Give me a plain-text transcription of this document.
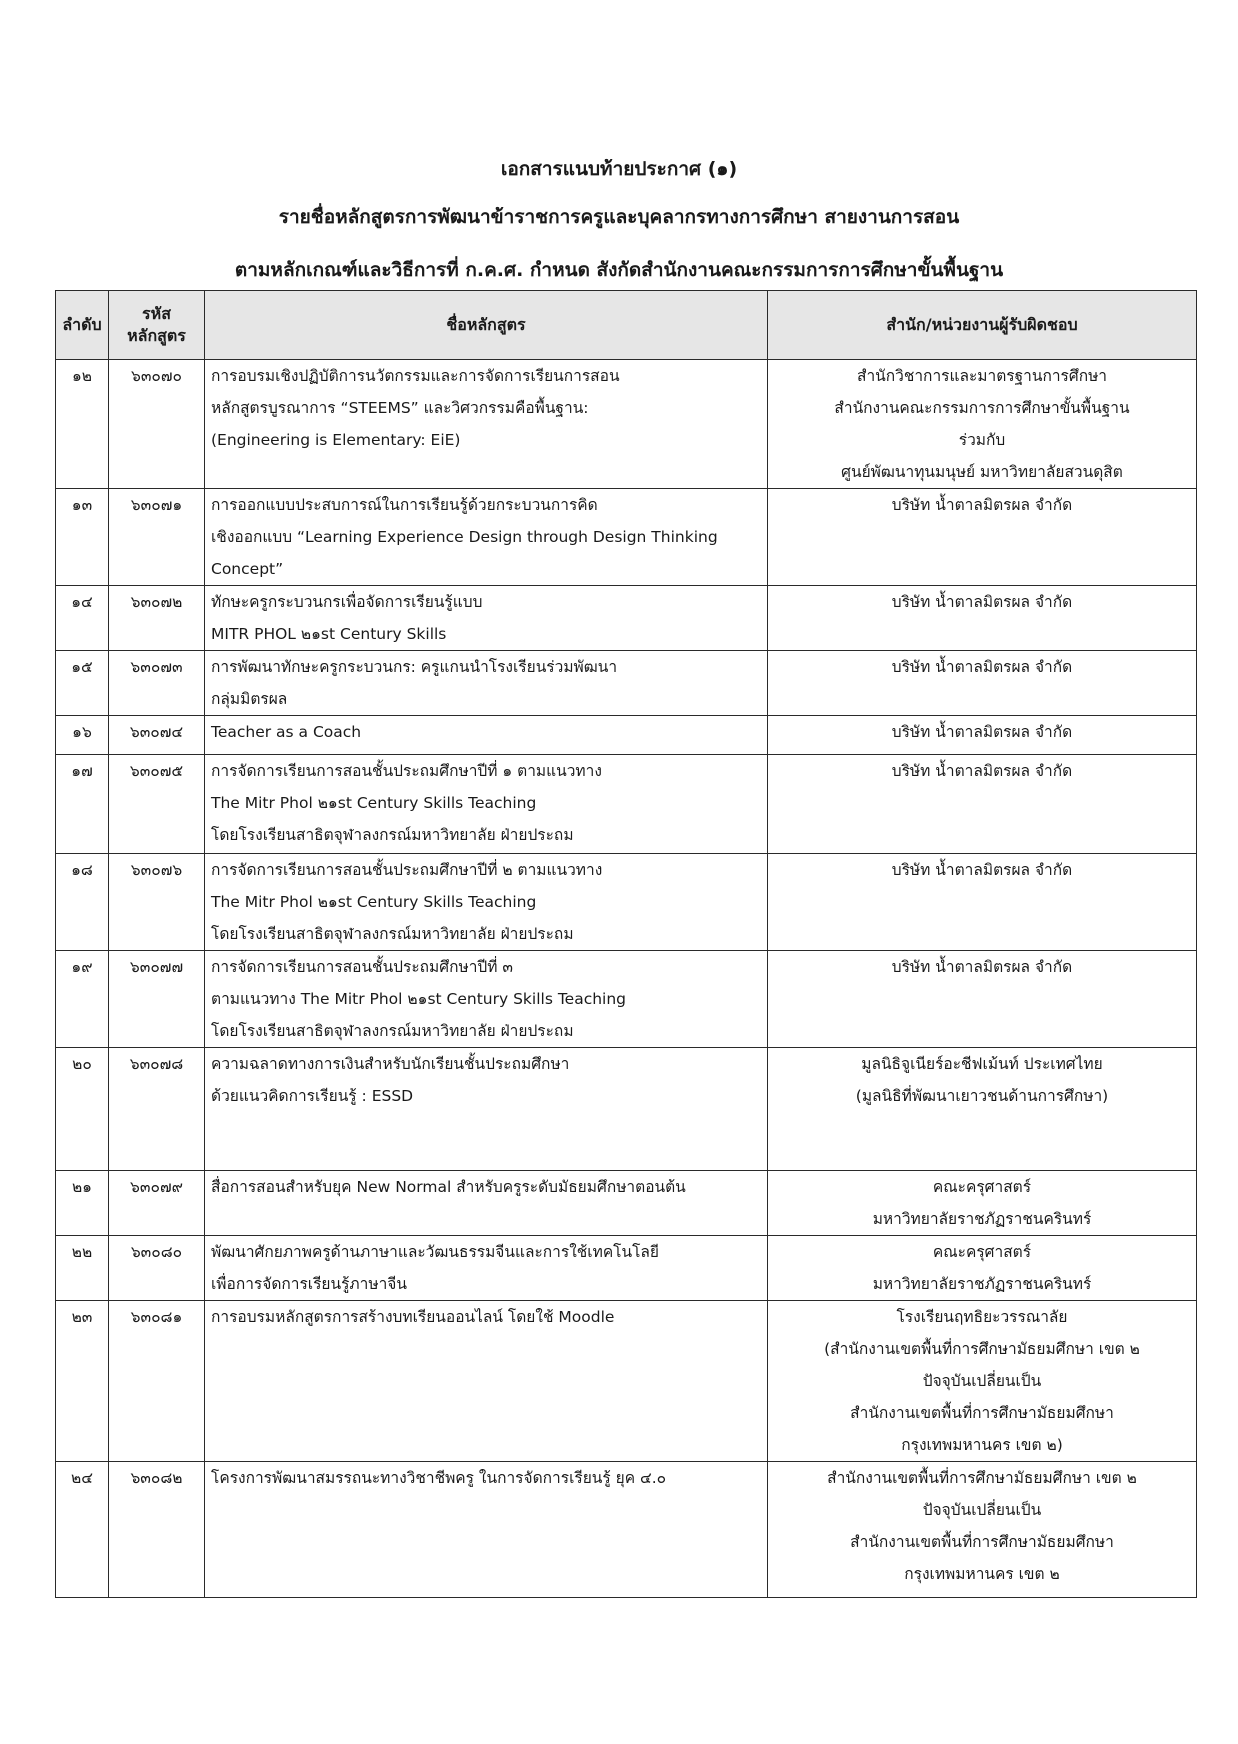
เอกสารแนบท้ายประกาศ (๑)
รายชื่อหลักสูตรการพัฒนาข้าราชการครูและบุคลากรทางการศึกษา สายงานการสอน
ตามหลักเกณฑ์และวิธีการที่ ก.ค.ศ. กำหนด สังกัดสำนักงานคณะกรรมการการศึกษาขั้นพื้นฐาน
ลำดับ	รหัสหลักสูตร	ชื่อหลักสูตร	สำนัก/หน่วยงานผู้รับผิดชอบ
๑๒	๖๓๐๗๐	การอบรมเชิงปฏิบัติการนวัตกรรมและการจัดการเรียนการสอน
หลักสูตรบูรณาการ “STEEMS” และวิศวกรรมคือพื้นฐาน:
(Engineering is Elementary: EiE)	สำนักวิชาการและมาตรฐานการศึกษา
สำนักงานคณะกรรมการการศึกษาขั้นพื้นฐาน
ร่วมกับ
ศูนย์พัฒนาทุนมนุษย์ มหาวิทยาลัยสวนดุสิต

๑๓	๖๓๐๗๑	การออกแบบประสบการณ์ในการเรียนรู้ด้วยกระบวนการคิด
เชิงออกแบบ “Learning Experience Design through Design Thinking
Concept”	บริษัท น้ำตาลมิตรผล จำกัด

๑๔	๖๓๐๗๒	ทักษะครูกระบวนกรเพื่อจัดการเรียนรู้แบบ
MITR PHOL ๒๑st Century Skills	บริษัท น้ำตาลมิตรผล จำกัด

๑๕	๖๓๐๗๓	การพัฒนาทักษะครูกระบวนกร: ครูแกนนำโรงเรียนร่วมพัฒนา
กลุ่มมิตรผล	บริษัท น้ำตาลมิตรผล จำกัด

๑๖	๖๓๐๗๔	Teacher as a Coach	บริษัท น้ำตาลมิตรผล จำกัด

๑๗	๖๓๐๗๕	การจัดการเรียนการสอนชั้นประถมศึกษาปีที่ ๑ ตามแนวทาง
The Mitr Phol ๒๑st Century Skills Teaching
โดยโรงเรียนสาธิตจุฬาลงกรณ์มหาวิทยาลัย ฝ่ายประถม	บริษัท น้ำตาลมิตรผล จำกัด

๑๘	๖๓๐๗๖	การจัดการเรียนการสอนชั้นประถมศึกษาปีที่ ๒ ตามแนวทาง
The Mitr Phol ๒๑st Century Skills Teaching
โดยโรงเรียนสาธิตจุฬาลงกรณ์มหาวิทยาลัย ฝ่ายประถม	บริษัท น้ำตาลมิตรผล จำกัด

๑๙	๖๓๐๗๗	การจัดการเรียนการสอนชั้นประถมศึกษาปีที่ ๓
ตามแนวทาง The Mitr Phol ๒๑st Century Skills Teaching
โดยโรงเรียนสาธิตจุฬาลงกรณ์มหาวิทยาลัย ฝ่ายประถม	บริษัท น้ำตาลมิตรผล จำกัด

๒๐	๖๓๐๗๘	ความฉลาดทางการเงินสำหรับนักเรียนชั้นประถมศึกษา
ด้วยแนวคิดการเรียนรู้ : ESSD	มูลนิธิจูเนียร์อะชีฟเม้นท์ ประเทศไทย
(มูลนิธิที่พัฒนาเยาวชนด้านการศึกษา)

๒๑	๖๓๐๗๙	สื่อการสอนสำหรับยุค New Normal สำหรับครูระดับมัธยมศึกษาตอนต้น	คณะครุศาสตร์
มหาวิทยาลัยราชภัฏราชนครินทร์

๒๒	๖๓๐๘๐	พัฒนาศักยภาพครูด้านภาษาและวัฒนธรรมจีนและการใช้เทคโนโลยี
เพื่อการจัดการเรียนรู้ภาษาจีน	คณะครุศาสตร์
มหาวิทยาลัยราชภัฏราชนครินทร์

๒๓	๖๓๐๘๑	การอบรมหลักสูตรการสร้างบทเรียนออนไลน์ โดยใช้ Moodle	โรงเรียนฤทธิยะวรรณาลัย
(สำนักงานเขตพื้นที่การศึกษามัธยมศึกษา เขต ๒
ปัจจุบันเปลี่ยนเป็น
สำนักงานเขตพื้นที่การศึกษามัธยมศึกษา
กรุงเทพมหานคร เขต ๒)

๒๔	๖๓๐๘๒	โครงการพัฒนาสมรรถนะทางวิชาชีพครู ในการจัดการเรียนรู้ ยุค ๔.๐	สำนักงานเขตพื้นที่การศึกษามัธยมศึกษา เขต ๒
ปัจจุบันเปลี่ยนเป็น
สำนักงานเขตพื้นที่การศึกษามัธยมศึกษา
กรุงเทพมหานคร เขต ๒
